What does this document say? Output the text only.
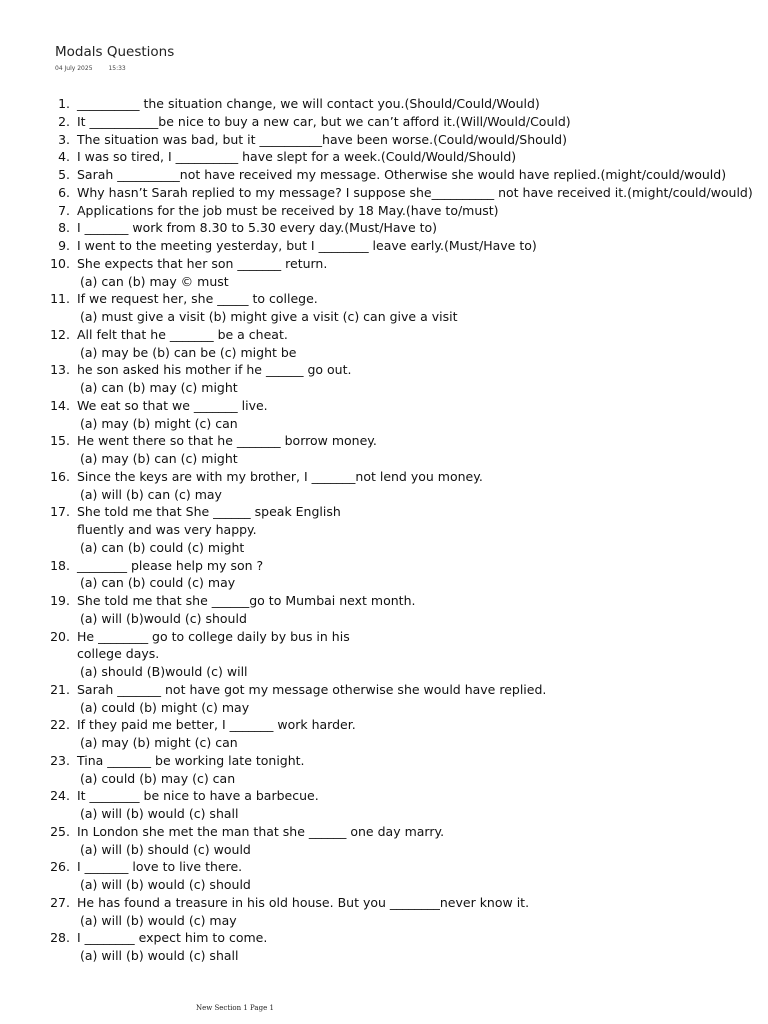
Modals Questions
04 July 2025	15:33
1. __________ the situation change, we will contact you.(Should/Could/Would)
2. It ___________be nice to buy a new car, but we can’t afford it.(Will/Would/Could)
3. The situation was bad, but it __________have been worse.(Could/would/Should)
4. I was so tired, I __________ have slept for a week.(Could/Would/Should)
5. Sarah __________not have received my message. Otherwise she would have replied.(might/could/would)
6. Why hasn’t Sarah replied to my message? I suppose she__________ not have received it.(might/could/would)
7. Applications for the job must be received by 18 May.(have to/must)
8. I _______ work from 8.30 to 5.30 every day.(Must/Have to)
9. I went to the meeting yesterday, but I ________ leave early.(Must/Have to)
10. She expects that her son _______ return.
(a) can (b) may © must
11. If we request her, she _____ to college.
(a) must give a visit (b) might give a visit (c) can give a visit
12. All felt that he _______ be a cheat.
(a) may be (b) can be (c) might be
13. he son asked his mother if he ______ go out.
(a) can (b) may (c) might
14. We eat so that we _______ live.
(a) may (b) might (c) can
15. He went there so that he _______ borrow money.
(a) may (b) can (c) might
16. Since the keys are with my brother, I _______not lend you money.
(a) will (b) can (c) may
17. She told me that She ______ speak English
fluently and was very happy.
(a) can (b) could (c) might
18. ________ please help my son ?
(a) can (b) could (c) may
19. She told me that she ______go to Mumbai next month.
(a) will (b)would (c) should
20. He ________ go to college daily by bus in his
college days.
(a) should (B)would (c) will
21. Sarah _______ not have got my message otherwise she would have replied.
(a) could (b) might (c) may
22. If they paid me better, I _______ work harder.
(a) may (b) might (c) can
23. Tina _______ be working late tonight.
(a) could (b) may (c) can
24. It ________ be nice to have a barbecue.
(a) will (b) would (c) shall
25. In London she met the man that she ______ one day marry.
(a) will (b) should (c) would
26. I _______ love to live there.
(a) will (b) would (c) should
27. He has found a treasure in his old house. But you ________never know it.
(a) will (b) would (c) may
28. I ________ expect him to come.
(a) will (b) would (c) shall
New Section 1 Page 1
